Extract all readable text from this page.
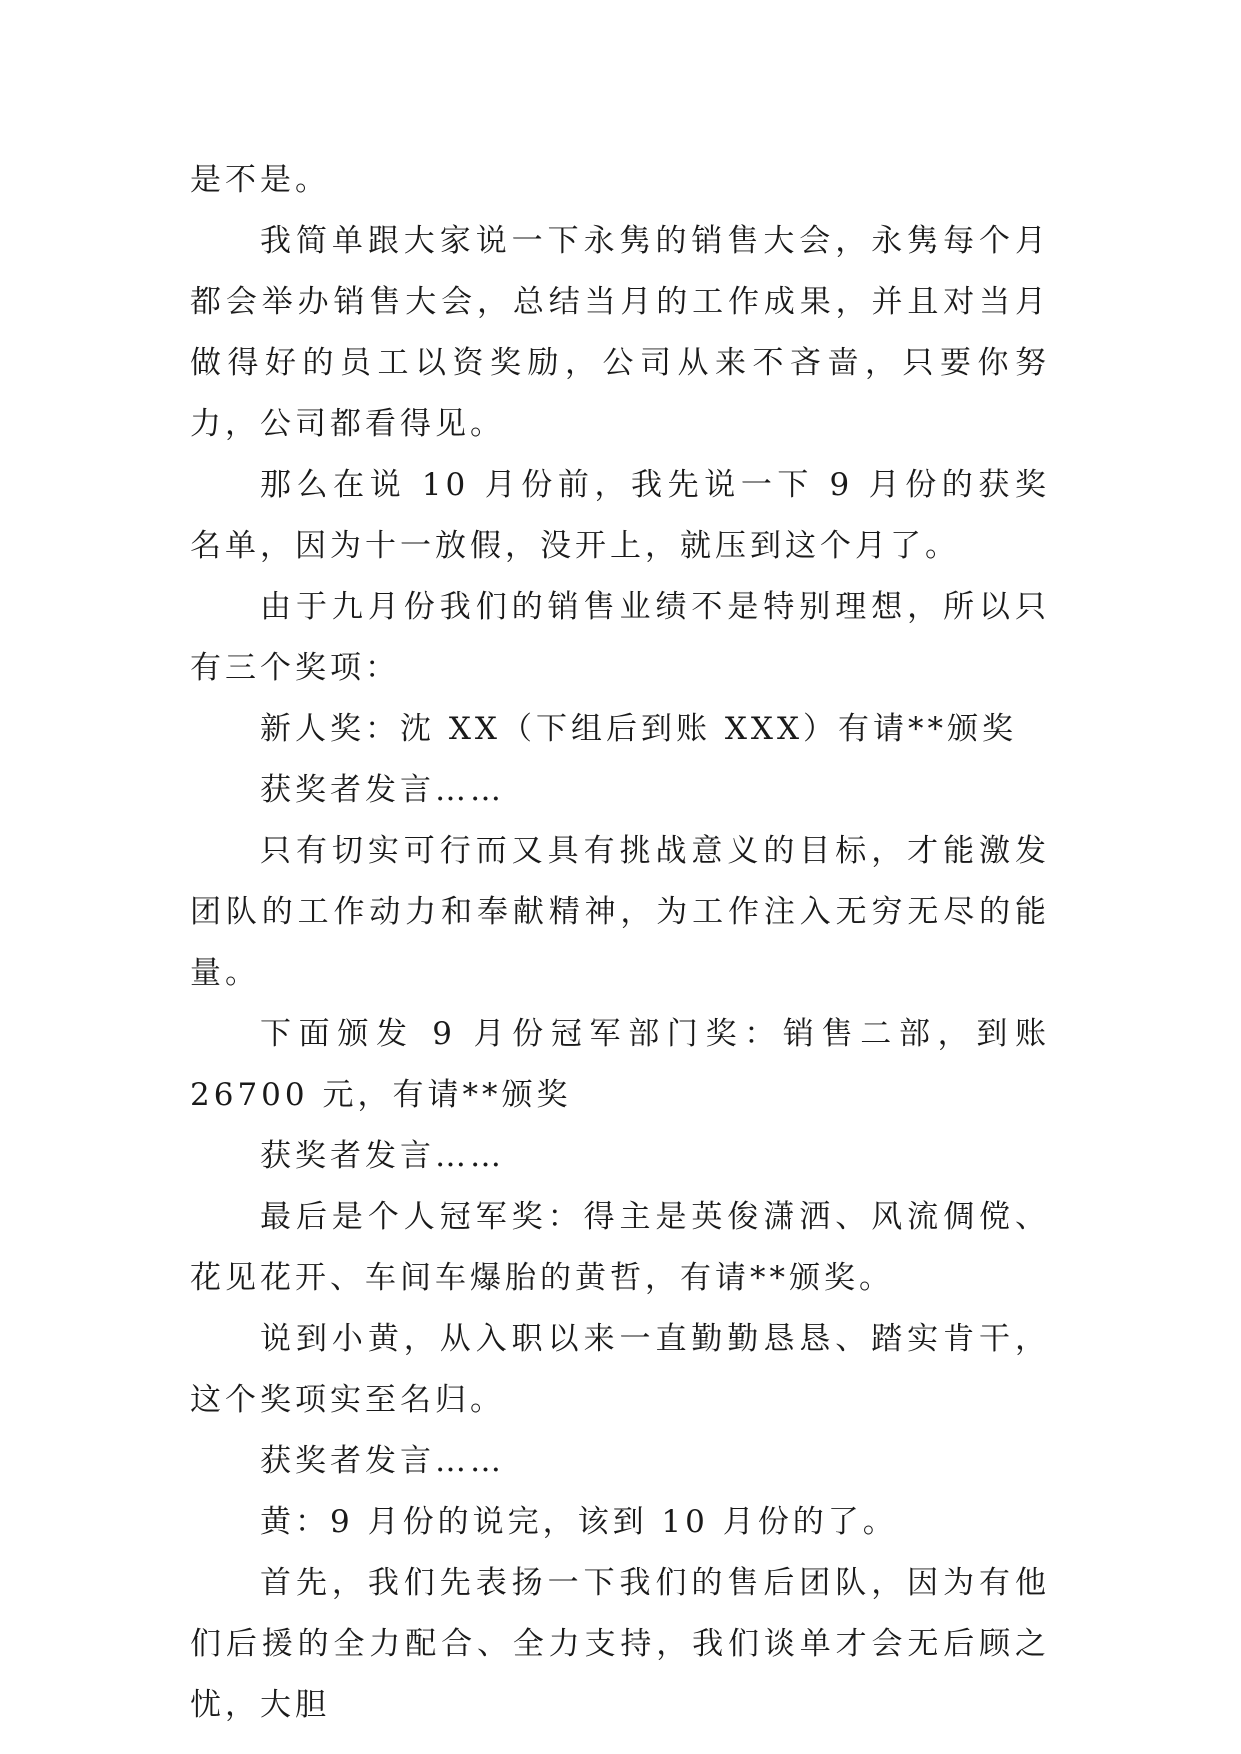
是不是。

我简单跟大家说一下永隽的销售大会，永隽每个月都会举办销售大会，总结当月的工作成果，并且对当月做得好的员工以资奖励，公司从来不吝啬，只要你努力，公司都看得见。

那么在说 10 月份前，我先说一下 9 月份的获奖名单，因为十一放假，没开上，就压到这个月了。

由于九月份我们的销售业绩不是特别理想，所以只有三个奖项：

新人奖：沈 XX（下组后到账 XXX）有请**颁奖

获奖者发言……

只有切实可行而又具有挑战意义的目标，才能激发团队的工作动力和奉献精神，为工作注入无穷无尽的能量。

下面颁发 9 月份冠军部门奖：销售二部，到账 26700 元，有请**颁奖

获奖者发言……

最后是个人冠军奖：得主是英俊潇洒、风流倜傥、花见花开、车间车爆胎的黄哲，有请**颁奖。

说到小黄，从入职以来一直勤勤恳恳、踏实肯干，这个奖项实至名归。

获奖者发言……

黄：9 月份的说完，该到 10 月份的了。

首先，我们先表扬一下我们的售后团队，因为有他们后援的全力配合、全力支持，我们谈单才会无后顾之忧，大胆
